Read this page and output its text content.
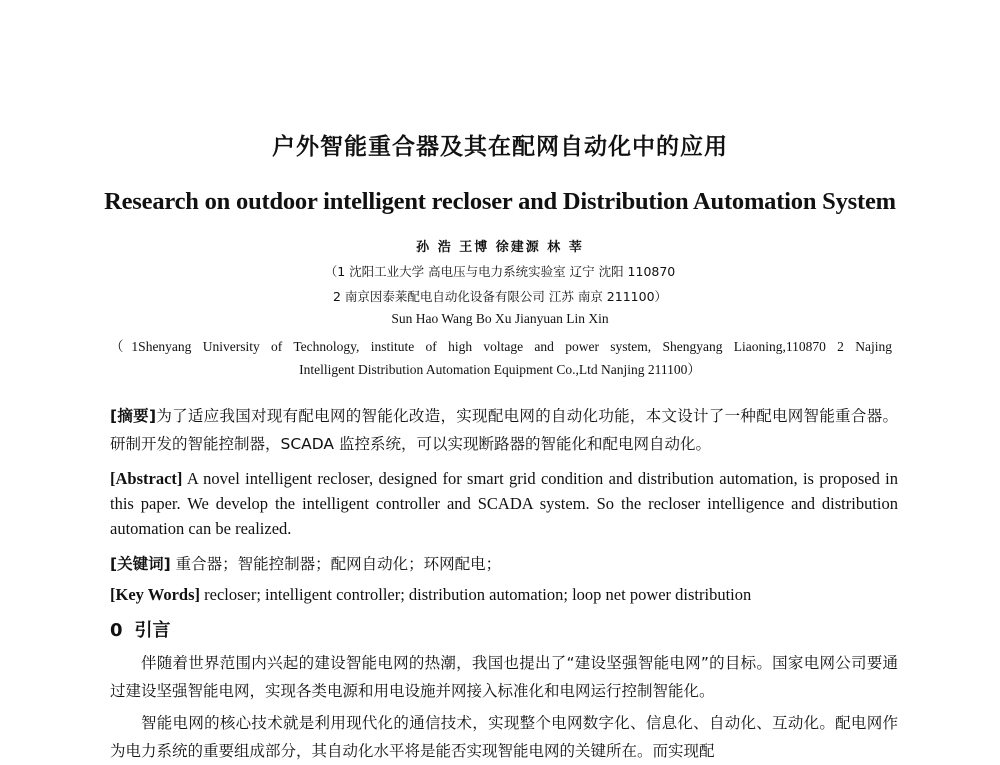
户外智能重合器及其在配网自动化中的应用
Research on outdoor intelligent recloser and Distribution Automation System
孙 浩 王博 徐建源 林 莘
（1 沈阳工业大学 高电压与电力系统实验室 辽宁 沈阳 110870
2 南京因泰莱配电自动化设备有限公司 江苏 南京 211100）
Sun Hao Wang Bo Xu Jianyuan Lin Xin
（1Shenyang University of Technology, institute of high voltage and power system, Shengyang Liaoning,110870 2 Najing
Intelligent Distribution Automation Equipment Co.,Ltd Nanjing 211100）
[摘要]为了适应我国对现有配电网的智能化改造，实现配电网的自动化功能，本文设计了一种配电网智能重合器。研制开发的智能控制器，SCADA 监控系统，可以实现断路器的智能化和配电网自动化。
[Abstract] A novel intelligent recloser, designed for smart grid condition and distribution automation, is proposed in this paper. We develop the intelligent controller and SCADA system. So the recloser intelligence and distribution automation can be realized.
[关键词] 重合器；智能控制器；配网自动化；环网配电；
[Key Words] recloser; intelligent controller; distribution automation; loop net power distribution
0 引言
伴随着世界范围内兴起的建设智能电网的热潮，我国也提出了“建设坚强智能电网”的目标。国家电网公司要通过建设坚强智能电网，实现各类电源和用电设施并网接入标准化和电网运行控制智能化。
智能电网的核心技术就是利用现代化的通信技术，实现整个电网数字化、信息化、自动化、互动化。配电网作为电力系统的重要组成部分，其自动化水平将是能否实现智能电网的关键所在。而实现配
